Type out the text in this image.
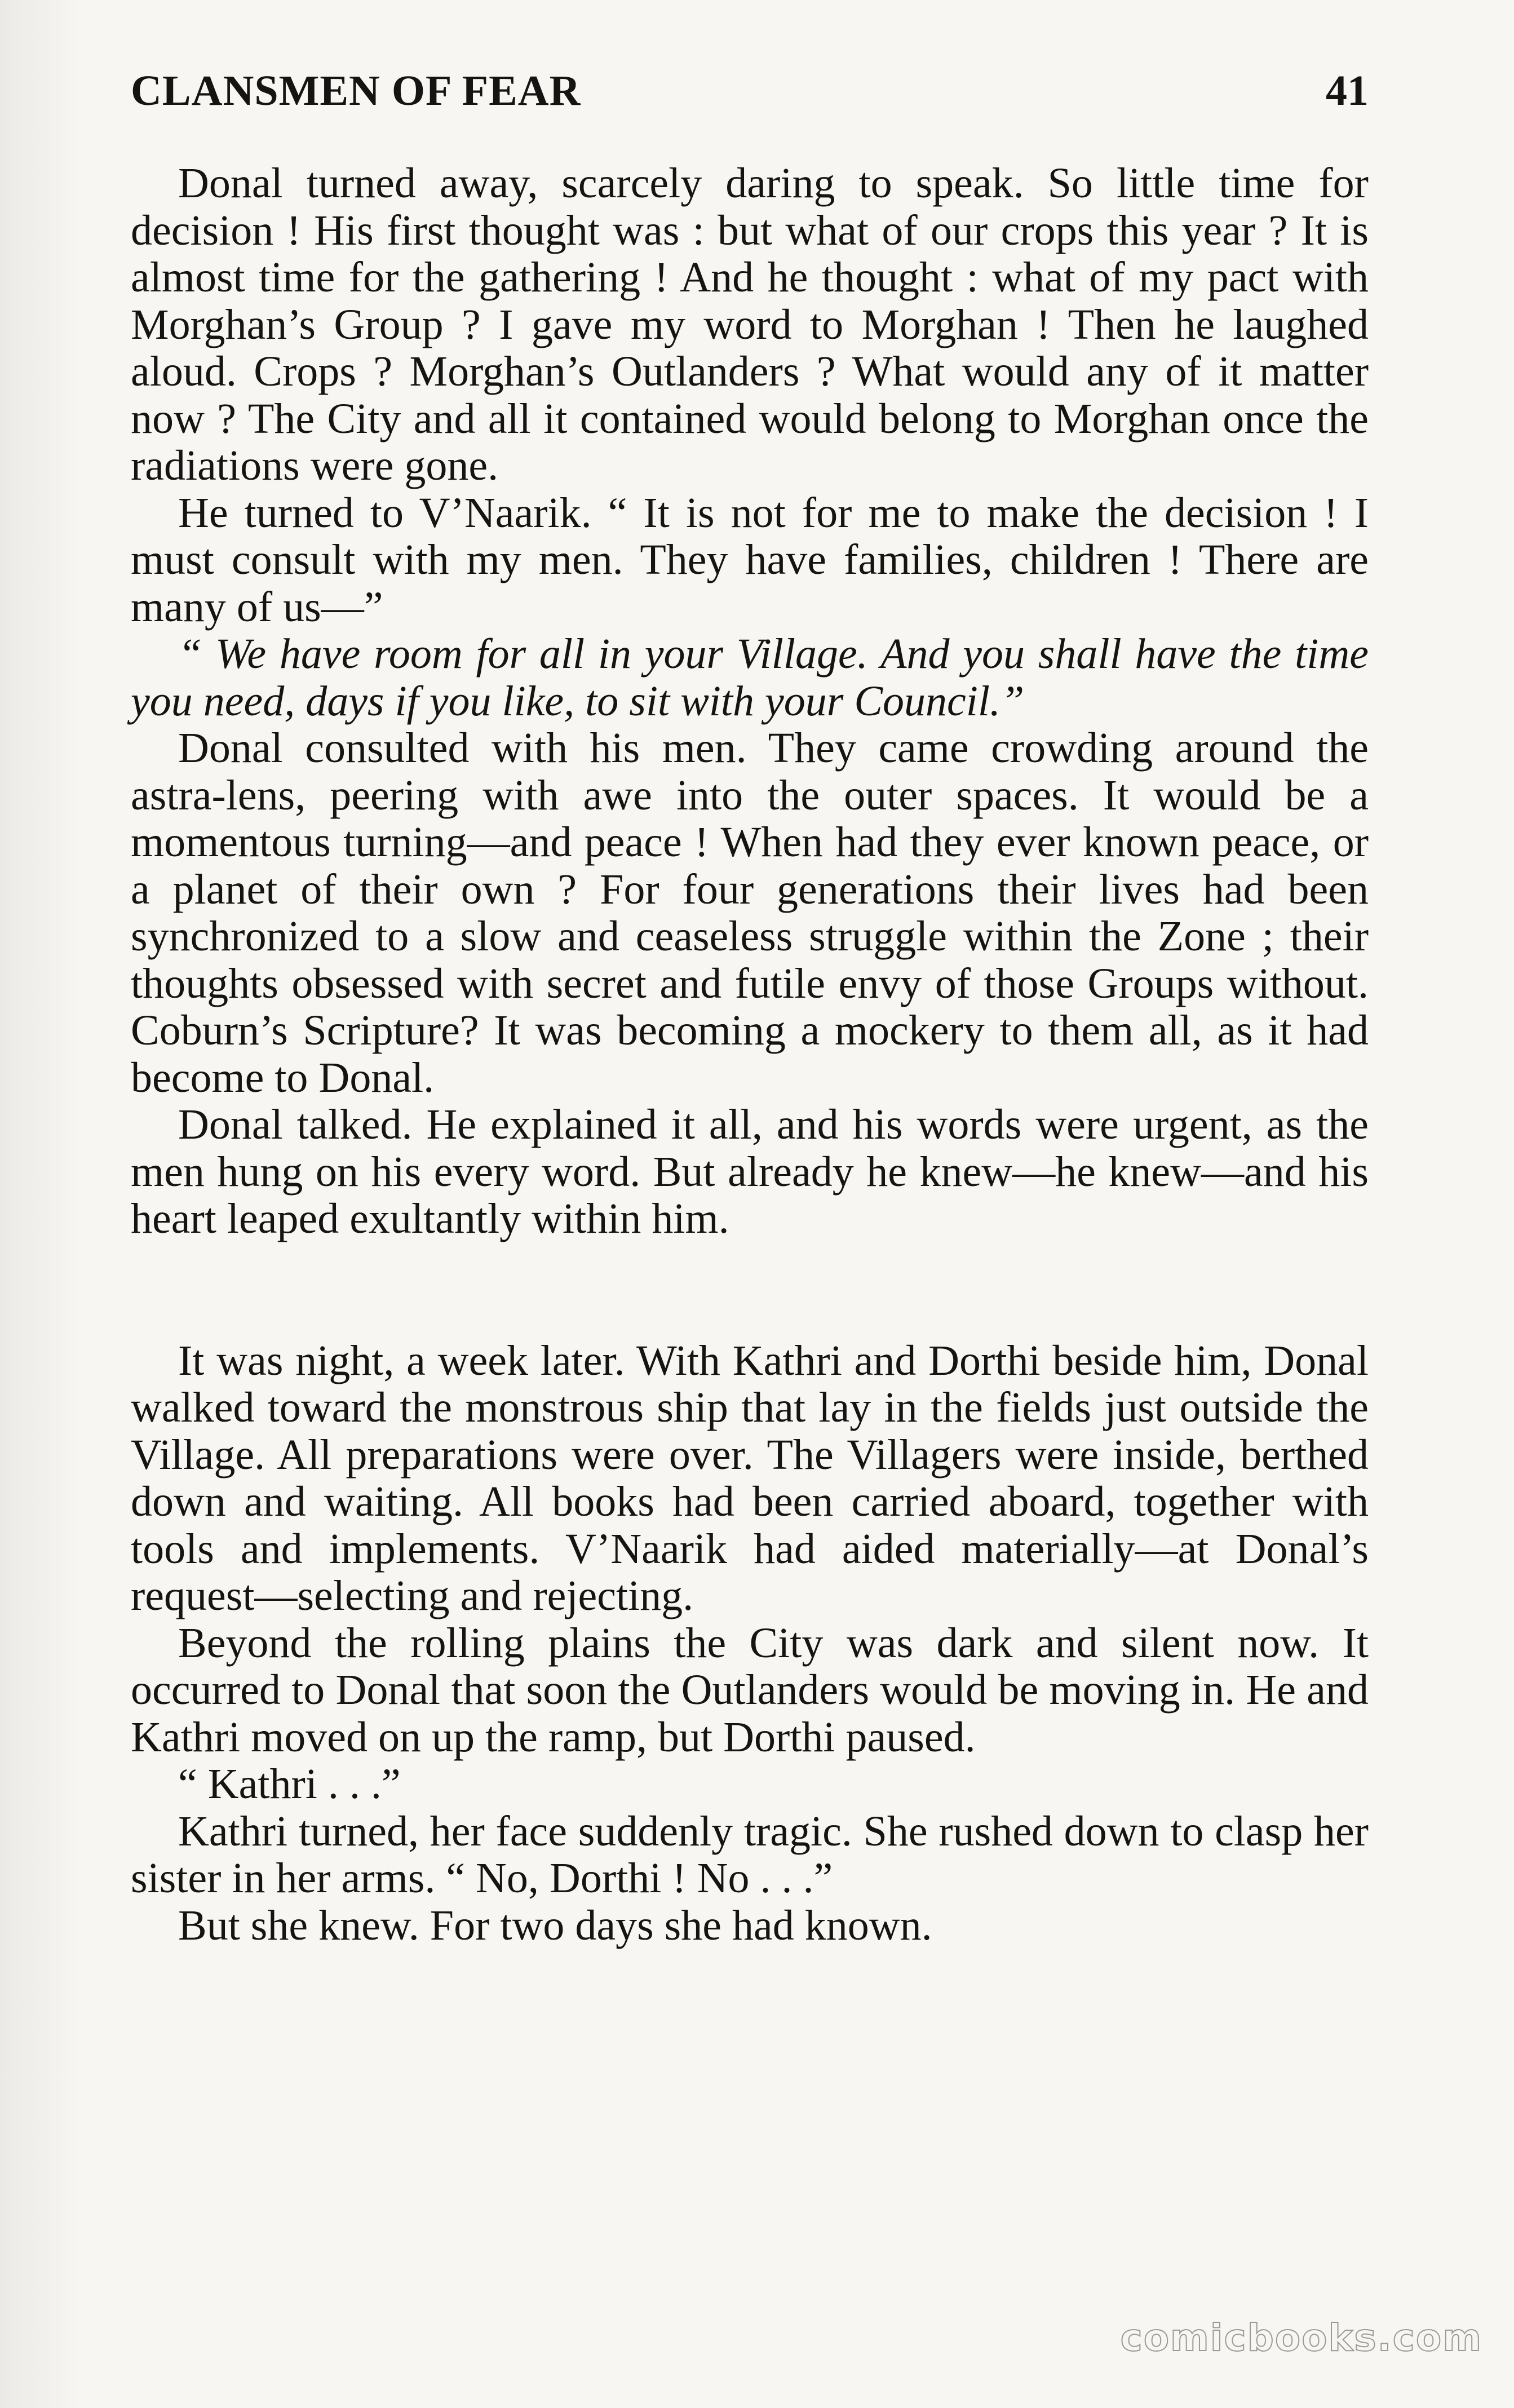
CLANSMEN OF FEAR	41

Donal turned away, scarcely daring to speak. So little time for decision ! His first thought was : but what of our crops this year ? It is almost time for the gathering ! And he thought : what of my pact with Morghan’s Group ? I gave my word to Morghan ! Then he laughed aloud. Crops ? Morghan’s Outlanders ? What would any of it matter now ? The City and all it contained would belong to Morghan once the radiations were gone.

He turned to V’Naarik. “ It is not for me to make the decision ! I must consult with my men. They have families, children ! There are many of us—”

“ We have room for all in your Village. And you shall have the time you need, days if you like, to sit with your Council.”

Donal consulted with his men. They came crowding around the astra-lens, peering with awe into the outer spaces. It would be a momentous turning—and peace ! When had they ever known peace, or a planet of their own ? For four generations their lives had been synchronized to a slow and ceaseless struggle within the Zone ; their thoughts obsessed with secret and futile envy of those Groups without. Coburn’s Scripture? It was becoming a mockery to them all, as it had become to Donal.

Donal talked. He explained it all, and his words were urgent, as the men hung on his every word. But already he knew—he knew—and his heart leaped exultantly within him.

It was night, a week later. With Kathri and Dorthi beside him, Donal walked toward the monstrous ship that lay in the fields just outside the Village. All preparations were over. The Villagers were inside, berthed down and waiting. All books had been carried aboard, together with tools and implements. V’Naarik had aided materially—at Donal’s request—selecting and rejecting.

Beyond the rolling plains the City was dark and silent now. It occurred to Donal that soon the Outlanders would be moving in. He and Kathri moved on up the ramp, but Dorthi paused.

“ Kathri . . .”

Kathri turned, her face suddenly tragic. She rushed down to clasp her sister in her arms. “ No, Dorthi ! No . . .”

But she knew. For two days she had known.

comicbooks.com
